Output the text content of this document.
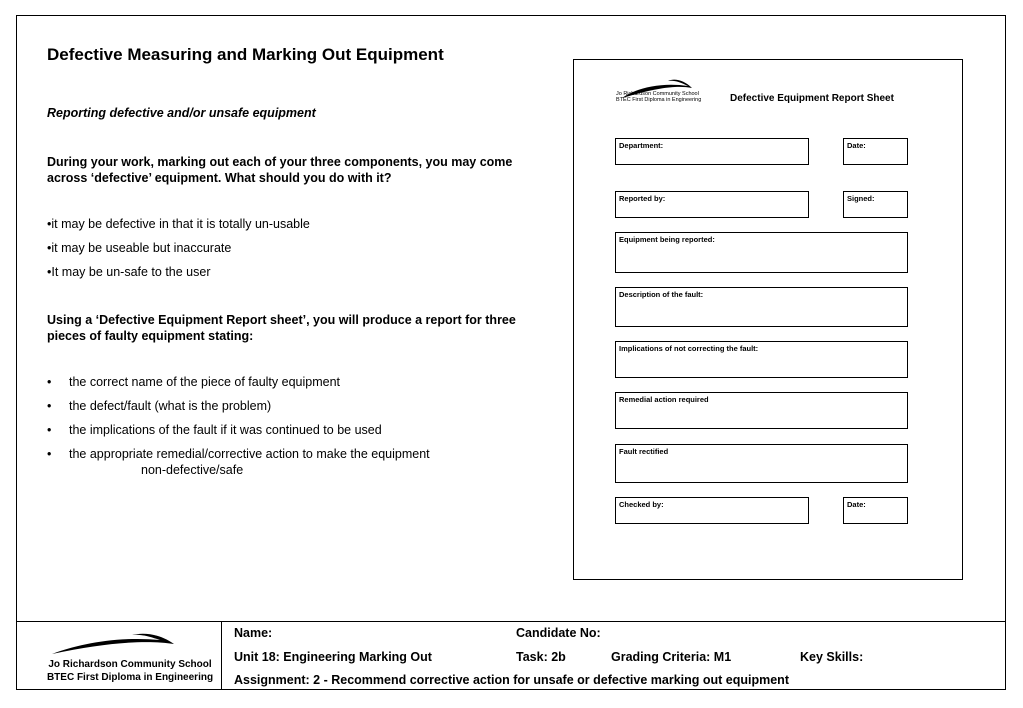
Defective Measuring and Marking Out Equipment
Reporting defective and/or unsafe equipment
During your work, marking out each of your three components, you may come across ‘defective’ equipment. What should you do with it?
•it may be defective in that it is totally un-usable
•it may be useable but inaccurate
•It may be un-safe to the user
Using a ‘Defective Equipment Report sheet’, you will produce a report for three pieces of faulty equipment stating:
• the correct name of the piece of faulty equipment
• the defect/fault (what is the problem)
• the implications of the fault if it was continued to be used
• the appropriate remedial/corrective action to make the equipment
non-defective/safe
Jo Richardson Community School
BTEC First Diploma in Engineering	Defective Equipment Report Sheet
Department:	Date:
Reported by:	Signed:
Equipment being reported:
Description of the fault:
Implications of not correcting the fault:
Remedial action required
Fault rectified
Checked by:	Date:
Jo Richardson Community School
BTEC First Diploma in Engineering
Name:	Candidate No:
Unit 18: Engineering Marking Out	Task: 2b	Grading Criteria: M1	Key Skills:
Assignment: 2 - Recommend corrective action for unsafe or defective marking out equipment
